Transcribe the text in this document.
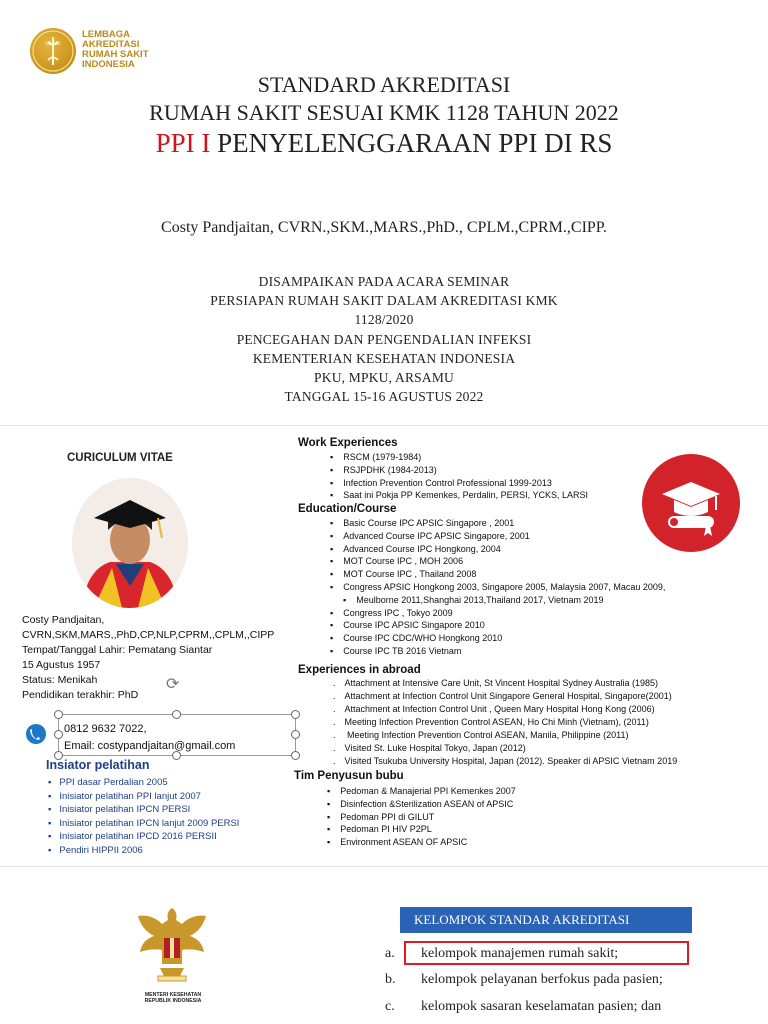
LARSI
LEMBAGA
AKREDITASI
RUMAH SAKIT
INDONESIA
STANDARD AKREDITASI
RUMAH SAKIT SESUAI KMK 1128 TAHUN 2022
PPI I PENYELENGGARAAN PPI DI RS
Costy Pandjaitan, CVRN.,SKM.,MARS.,PhD., CPLM.,CPRM.,CIPP.
DISAMPAIKAN PADA ACARA SEMINAR
PERSIAPAN RUMAH SAKIT DALAM AKREDITASI KMK
1128/2020
PENCEGAHAN DAN PENGENDALIAN INFEKSI
KEMENTERIAN KESEHATAN INDONESIA
PKU, MPKU, ARSAMU
TANGGAL 15-16 AGUSTUS 2022
CURICULUM VITAE
Costy Pandjaitan,
CVRN,SKM,MARS,,PhD,CP,NLP,CPRM,,CPLM,,CIPP
Tempat/Tanggal Lahir: Pematang Siantar
15 Agustus 1957
Status: Menikah
Pendidikan terakhir: PhD
⟳
0812 9632 7022,
Email: costypandjaitan@gmail.com
Insiator pelatihan
▪ PPI dasar Perdalian 2005
▪ Inisiator pelatihan PPI lanjut 2007
▪ Inisiator pelatihan IPCN PERSI
▪ Inisiator pelatihan IPCN lanjut 2009 PERSI
▪ Inisiator pelatihan IPCD 2016 PERSII
▪ Pendiri HIPPII 2006
Work Experiences
▪ RSCM (1979-1984)
▪ RSJPDHK (1984-2013)
▪ Infection Prevention Control Professional 1999-2013
▪ Saat ini Pokja PP Kemenkes, Perdalin, PERSI, YCKS, LARSI
Education/Course
▪ Basic Course IPC APSIC Singapore , 2001
▪ Advanced Course IPC APSIC Singapore, 2001
▪ Advanced Course IPC Hongkong, 2004
▪ MOT Course IPC , MOH 2006
▪ MOT Course IPC , Thailand 2008
▪ Congress APSIC Hongkong 2003, Singapore 2005, Malaysia 2007, Macau 2009,
▪ Meulborne 2011,Shanghai 2013,Thailand 2017, Vietnam 2019
▪ Congress IPC , Tokyo 2009
▪ Course IPC APSIC Singapore 2010
▪ Course IPC CDC/WHO Hongkong 2010
▪ Course IPC TB 2016 Vietnam
Experiences in abroad
. Attachment at Intensive Care Unit, St Vincent Hospital Sydney Australia (1985)
. Attachment at Infection Control Unit Singapore General Hospital, Singapore(2001)
. Attachment at Infection Control Unit , Queen Mary Hospital Hong Kong (2006)
. Meeting Infection Prevention Control ASEAN, Ho Chi Minh (Vietnam), (2011)
. Meeting Infection Prevention Control ASEAN, Manila, Philippine (2011)
. Visited St. Luke Hospital Tokyo, Japan (2012)
. Visited Tsukuba University Hospital, Japan (2012). Speaker di APSIC Vietnam 2019
Tim Penyusun bubu
▪ Pedoman & Manajerial PPI Kemenkes 2007
▪ Disinfection &Sterilization ASEAN of APSIC
▪ Pedoman PPI di GILUT
▪ Pedoman PI HIV P2PL
▪ Environment ASEAN OF APSIC
MENTERI KESEHATAN
REPUBLIK INDONESIA
KELOMPOK STANDAR AKREDITASI
a. kelompok manajemen rumah sakit;
b. kelompok pelayanan berfokus pada pasien;
c. kelompok sasaran keselamatan pasien; dan
